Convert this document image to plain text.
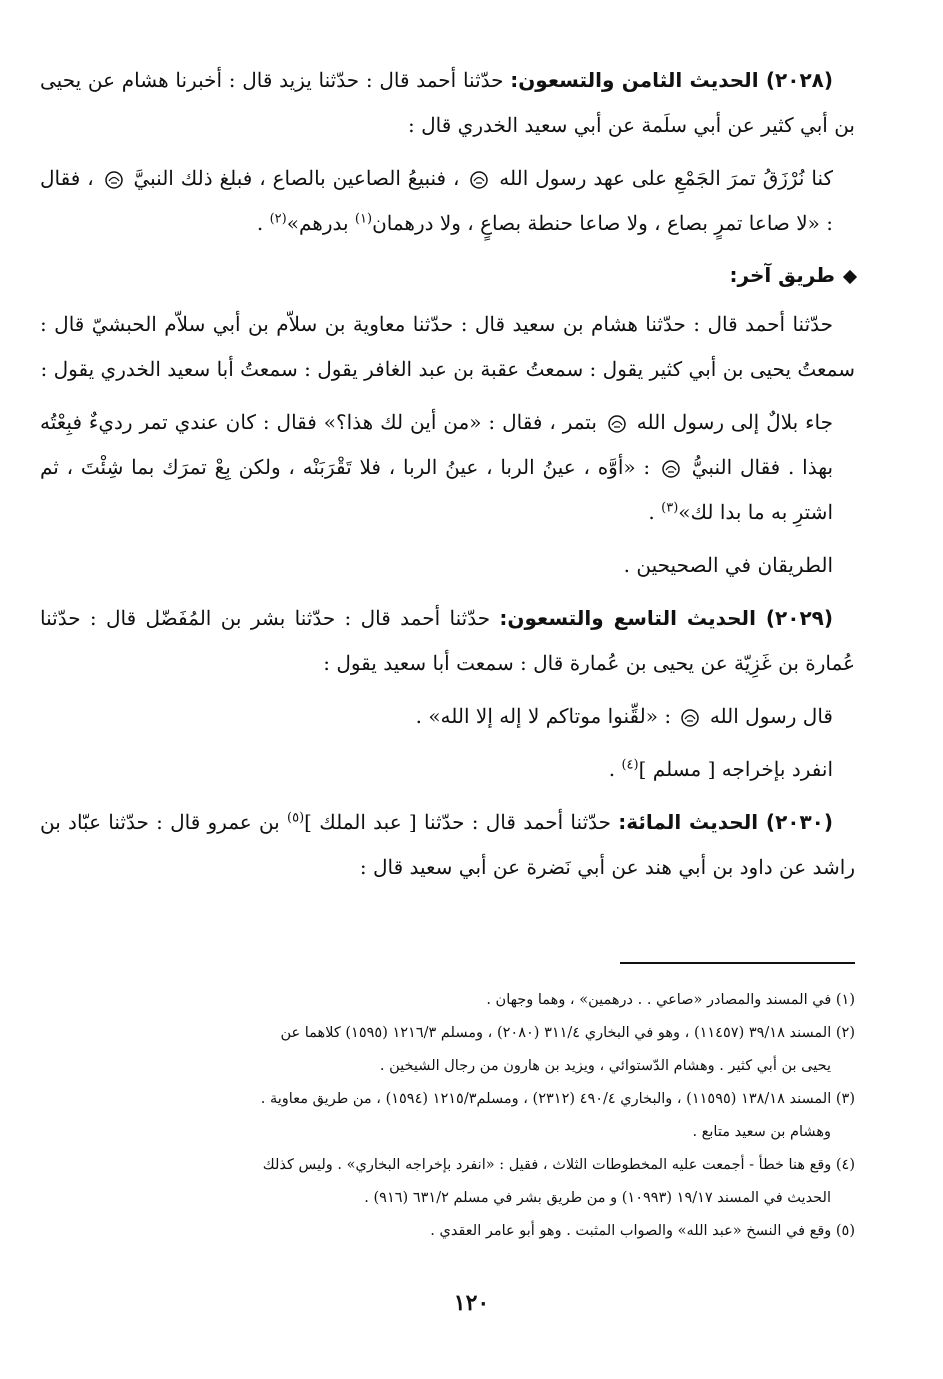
(٢٠٢٨) الحديث الثامن والتسعون: حدّثنا أحمد قال : حدّثنا يزيد قال : أخبرنا هشام عن يحيى بن أبي كثير عن أبي سلَمة عن أبي سعيد الخدري قال :

كنا نُرْزَقُ تمرَ الجَمْعِ على عهد رسول الله  ، فنبيعُ الصاعين بالصاع ، فبلغ ذلك النبيَّ  ، فقال : «لا صاعا تمرٍ بصاع ، ولا صاعا حنطة بصاعٍ ، ولا درهمان$^{(١)}$ بدرهم»$^{(٢)}$ .

طريق آخر:

حدّثنا أحمد قال : حدّثنا هشام بن سعيد قال : حدّثنا معاوية بن سلاّم بن أبي سلاّم الحبشيّ قال : سمعتُ يحيى بن أبي كثير يقول : سمعتُ عقبة بن عبد الغافر يقول : سمعتُ أبا سعيد الخدري يقول :

جاء بلالٌ إلى رسول الله  بتمر ، فقال : «من أين لك هذا؟» فقال : كان عندي تمر رديءٌ فبِعْتُه بهذا . فقال النبيُّ  : «أوَّه ، عينُ الربا ، عينُ الربا ، فلا تَقْرَبَنْه ، ولكن بِعْ تمرَك بما شِئْتَ ، ثم اشترِ به ما بدا لك»$^{(٣)}$ .

الطريقان في الصحيحين .

(٢٠٢٩) الحديث التاسع والتسعون: حدّثنا أحمد قال : حدّثنا بشر بن المُفَضّل قال : حدّثنا عُمارة بن غَزِيّة عن يحيى بن عُمارة قال : سمعت أبا سعيد يقول :

قال رسول الله  : «لقِّنوا موتاكم لا إله إلا الله» .

انفرد بإخراجه [ مسلم ]$^{(٤)}$ .

(٢٠٣٠) الحديث المائة: حدّثنا أحمد قال : حدّثنا [ عبد الملك ]$^{(٥)}$ بن عمرو قال : حدّثنا عبّاد بن راشد عن داود بن أبي هند عن أبي نَضرة عن أبي سعيد قال :

(١) في المسند والمصادر «صاعي . . درهمين» ، وهما وجهان .

(٢) المسند ٣٩/١٨ (١١٤٥٧) ، وهو في البخاري ٣١١/٤ (٢٠٨٠) ، ومسلم ١٢١٦/٣ (١٥٩٥) كلاهما عن
يحيى بن أبي كثير . وهشام الدّستوائي ، ويزيد بن هارون من رجال الشيخين .

(٣) المسند ١٣٨/١٨ (١١٥٩٥) ، والبخاري ٤٩٠/٤ (٢٣١٢) ، ومسلم١٢١٥/٣ (١٥٩٤) ، من طريق معاوية .
وهشام بن سعيد متابع .

(٤) وقع هنا خطأ - أجمعت عليه المخطوطات الثلاث ، فقيل : «انفرد بإخراجه البخاري» . وليس كذلك
الحديث في المسند ١٩/١٧ (١٠٩٩٣) و من طريق بشر في مسلم ٦٣١/٢ (٩١٦) .

(٥) وقع في النسخ «عبد الله» والصواب المثبت . وهو أبو عامر العقدي .

١٢٠
